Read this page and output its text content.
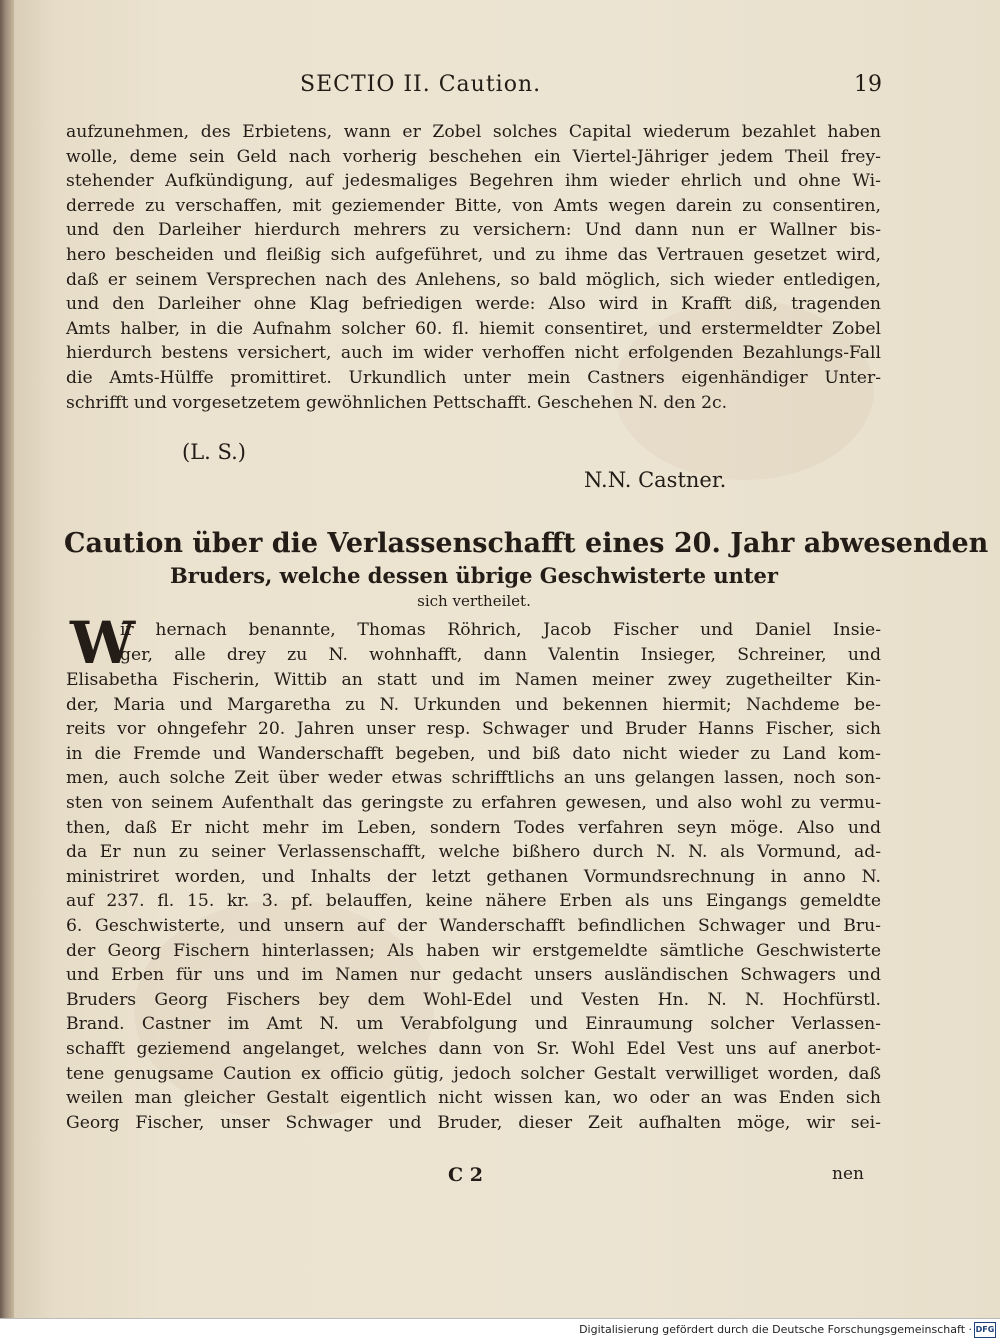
SECTIO II. Caution.	19
aufzunehmen, des Erbietens, wann er Zobel solches Capital wiederum bezahlet haben
wolle, deme sein Geld nach vorherig beschehen ein Viertel-Jähriger jedem Theil frey-
stehender Aufkündigung, auf jedesmaliges Begehren ihm wieder ehrlich und ohne Wi-
derrede zu verschaffen, mit geziemender Bitte, von Amts wegen darein zu consentiren,
und den Darleiher hierdurch mehrers zu versichern: Und dann nun er Wallner bis-
hero bescheiden und fleißig sich aufgeführet, und zu ihme das Vertrauen gesetzet wird,
daß er seinem Versprechen nach des Anlehens, so bald möglich, sich wieder entledigen,
und den Darleiher ohne Klag befriedigen werde: Also wird in Krafft diß, tragenden
Amts halber, in die Aufnahm solcher 60. fl. hiemit consentiret, und erstermeldter Zobel
hierdurch bestens versichert, auch im wider verhoffen nicht erfolgenden Bezahlungs-Fall
die Amts-Hülffe promittiret. Urkundlich unter mein Castners eigenhändiger Unter-
schrifft und vorgesetzetem gewöhnlichen Pettschafft. Geschehen N. den 2c.
(L. S.)
N.N. Castner.
Caution über die Verlassenschafft eines 20. Jahr abwesenden
Bruders, welche dessen übrige Geschwisterte unter
sich vertheilet.
W
ir hernach benannte, Thomas Röhrich, Jacob Fischer und Daniel Insie-
ger, alle drey zu N. wohnhafft, dann Valentin Insieger, Schreiner, und
Elisabetha Fischerin, Wittib an statt und im Namen meiner zwey zugetheilter Kin-
der, Maria und Margaretha zu N. Urkunden und bekennen hiermit; Nachdeme be-
reits vor ohngefehr 20. Jahren unser resp. Schwager und Bruder Hanns Fischer, sich
in die Fremde und Wanderschafft begeben, und biß dato nicht wieder zu Land kom-
men, auch solche Zeit über weder etwas schrifftlichs an uns gelangen lassen, noch son-
sten von seinem Aufenthalt das geringste zu erfahren gewesen, und also wohl zu vermu-
then, daß Er nicht mehr im Leben, sondern Todes verfahren seyn möge. Also und
da Er nun zu seiner Verlassenschafft, welche bißhero durch N. N. als Vormund, ad-
ministriret worden, und Inhalts der letzt gethanen Vormundsrechnung in anno N.
auf 237. fl. 15. kr. 3. pf. belauffen, keine nähere Erben als uns Eingangs gemeldte
6. Geschwisterte, und unsern auf der Wanderschafft befindlichen Schwager und Bru-
der Georg Fischern hinterlassen; Als haben wir erstgemeldte sämtliche Geschwisterte
und Erben für uns und im Namen nur gedacht unsers ausländischen Schwagers und
Bruders Georg Fischers bey dem Wohl-Edel und Vesten Hn. N. N. Hochfürstl.
Brand. Castner im Amt N. um Verabfolgung und Einraumung solcher Verlassen-
schafft geziemend angelanget, welches dann von Sr. Wohl Edel Vest uns auf anerbot-
tene genugsame Caution ex officio gütig, jedoch solcher Gestalt verwilliget worden, daß
weilen man gleicher Gestalt eigentlich nicht wissen kan, wo oder an was Enden sich
Georg Fischer, unser Schwager und Bruder, dieser Zeit aufhalten möge, wir sei-
C 2	nen
Digitalisierung gefördert durch die Deutsche Forschungsgemeinschaft · DFG
